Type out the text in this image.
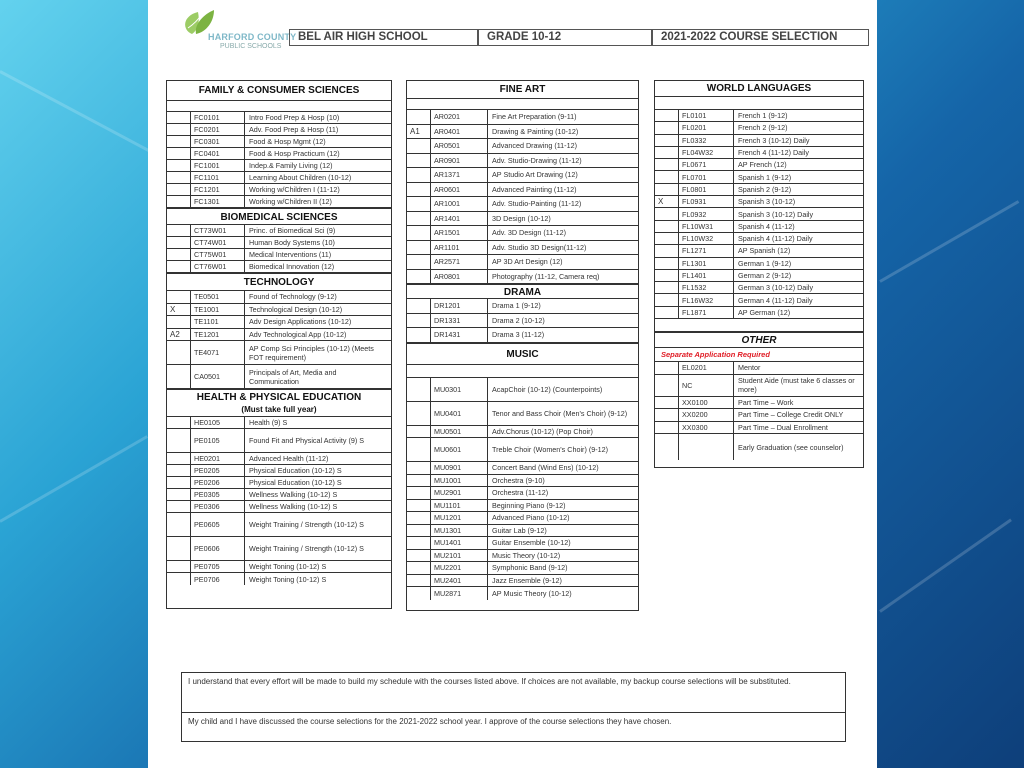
HARFORD COUNTY
PUBLIC SCHOOLS
BEL AIR HIGH SCHOOL	GRADE 10-12	2021-2022 COURSE SELECTION
FAMILY & CONSUMER SCIENCES
FC0101	Intro Food Prep & Hosp (10)
FC0201	Adv. Food Prep & Hosp (11)
FC0301	Food & Hosp Mgmt (12)
FC0401	Food & Hosp Practicum (12)
FC1001	Indep.& Family Living (12)
FC1101	Learning About Children (10-12)
FC1201	Working w/Children I (11-12)
FC1301	Working w/Children II (12)
BIOMEDICAL SCIENCES
CT73W01	Princ. of Biomedical Sci (9)
CT74W01	Human Body Systems (10)
CT75W01	Medical Interventions (11)
CT76W01	Biomedical Innovation (12)
TECHNOLOGY
TE0501	Found of Technology (9-12)
X	TE1001	Technological Design (10-12)
TE1101	Adv Design Applications (10-12)
A2	TE1201	Adv Technological App (10-12)
TE4071	AP Comp Sci Principles (10-12) (Meets FOT requirement)
CA0501	Principals of Art, Media and Communication
HEALTH & PHYSICAL EDUCATION
(Must take full year)
HE0105	Health (9) S
PE0105	Found Fit and Physical Activity (9) S
HE0201	Advanced Health (11-12)
PE0205	Physical Education (10-12) S
PE0206	Physical Education (10-12) S
PE0305	Wellness Walking (10-12) S
PE0306	Wellness Walking (10-12) S
PE0605	Weight Training / Strength (10-12) S
PE0606	Weight Training / Strength (10-12) S
PE0705	Weight Toning (10-12) S
PE0706	Weight Toning (10-12) S
FINE ART
AR0201	Fine Art Preparation (9-11)
A1	AR0401	Drawing & Painting (10-12)
AR0501	Advanced Drawing (11-12)
AR0901	Adv. Studio-Drawing (11-12)
AR1371	AP Studio Art Drawing (12)
AR0601	Advanced Painting (11-12)
AR1001	Adv. Studio-Painting (11-12)
AR1401	3D Design (10-12)
AR1501	Adv. 3D Design (11-12)
AR1101	Adv. Studio 3D Design(11-12)
AR2571	AP 3D Art Design (12)
AR0801	Photography (11-12, Camera req)
DRAMA
DR1201	Drama 1 (9-12)
DR1331	Drama 2 (10-12)
DR1431	Drama 3 (11-12)
MUSIC
MU0301	AcapChoir (10-12) (Counterpoints)
MU0401	Tenor and Bass Choir (Men's Choir) (9-12)
MU0501	Adv.Chorus (10-12) (Pop Choir)
MU0601	Treble Choir (Women's Choir) (9-12)
MU0901	Concert Band (Wind Ens) (10-12)
MU1001	Orchestra (9-10)
MU2901	Orchestra (11-12)
MU1101	Beginning Piano (9-12)
MU1201	Advanced Piano (10-12)
MU1301	Guitar Lab (9-12)
MU1401	Guitar Ensemble (10-12)
MU2101	Music Theory (10-12)
MU2201	Symphonic Band (9-12)
MU2401	Jazz Ensemble (9-12)
MU2871	AP Music Theory (10-12)
WORLD LANGUAGES
FL0101	French 1 (9-12)
FL0201	French 2 (9-12)
FL0332	French 3 (10-12) Daily
FL04W32	French 4 (11-12) Daily
FL0671	AP French (12)
FL0701	Spanish 1 (9-12)
FL0801	Spanish 2 (9-12)
X	FL0931	Spanish 3 (10-12)
FL0932	Spanish 3 (10-12) Daily
FL10W31	Spanish 4 (11-12)
FL10W32	Spanish 4 (11-12) Daily
FL1271	AP Spanish (12)
FL1301	German 1 (9-12)
FL1401	German 2 (9-12)
FL1532	German 3 (10-12) Daily
FL16W32	German 4 (11-12) Daily
FL1871	AP German (12)
OTHER
Separate Application Required
EL0201	Mentor
NC	Student Aide (must take 6 classes or more)
XX0100	Part Time – Work
XX0200	Part Time – College Credit ONLY
XX0300	Part Time – Dual Enrollment
Early Graduation (see counselor)
I understand that every effort will be made to build my schedule with the courses listed above. If choices are not available, my backup course selections will be substituted.
My child and I have discussed the course selections for the 2021-2022 school year. I approve of the course selections they have chosen.
